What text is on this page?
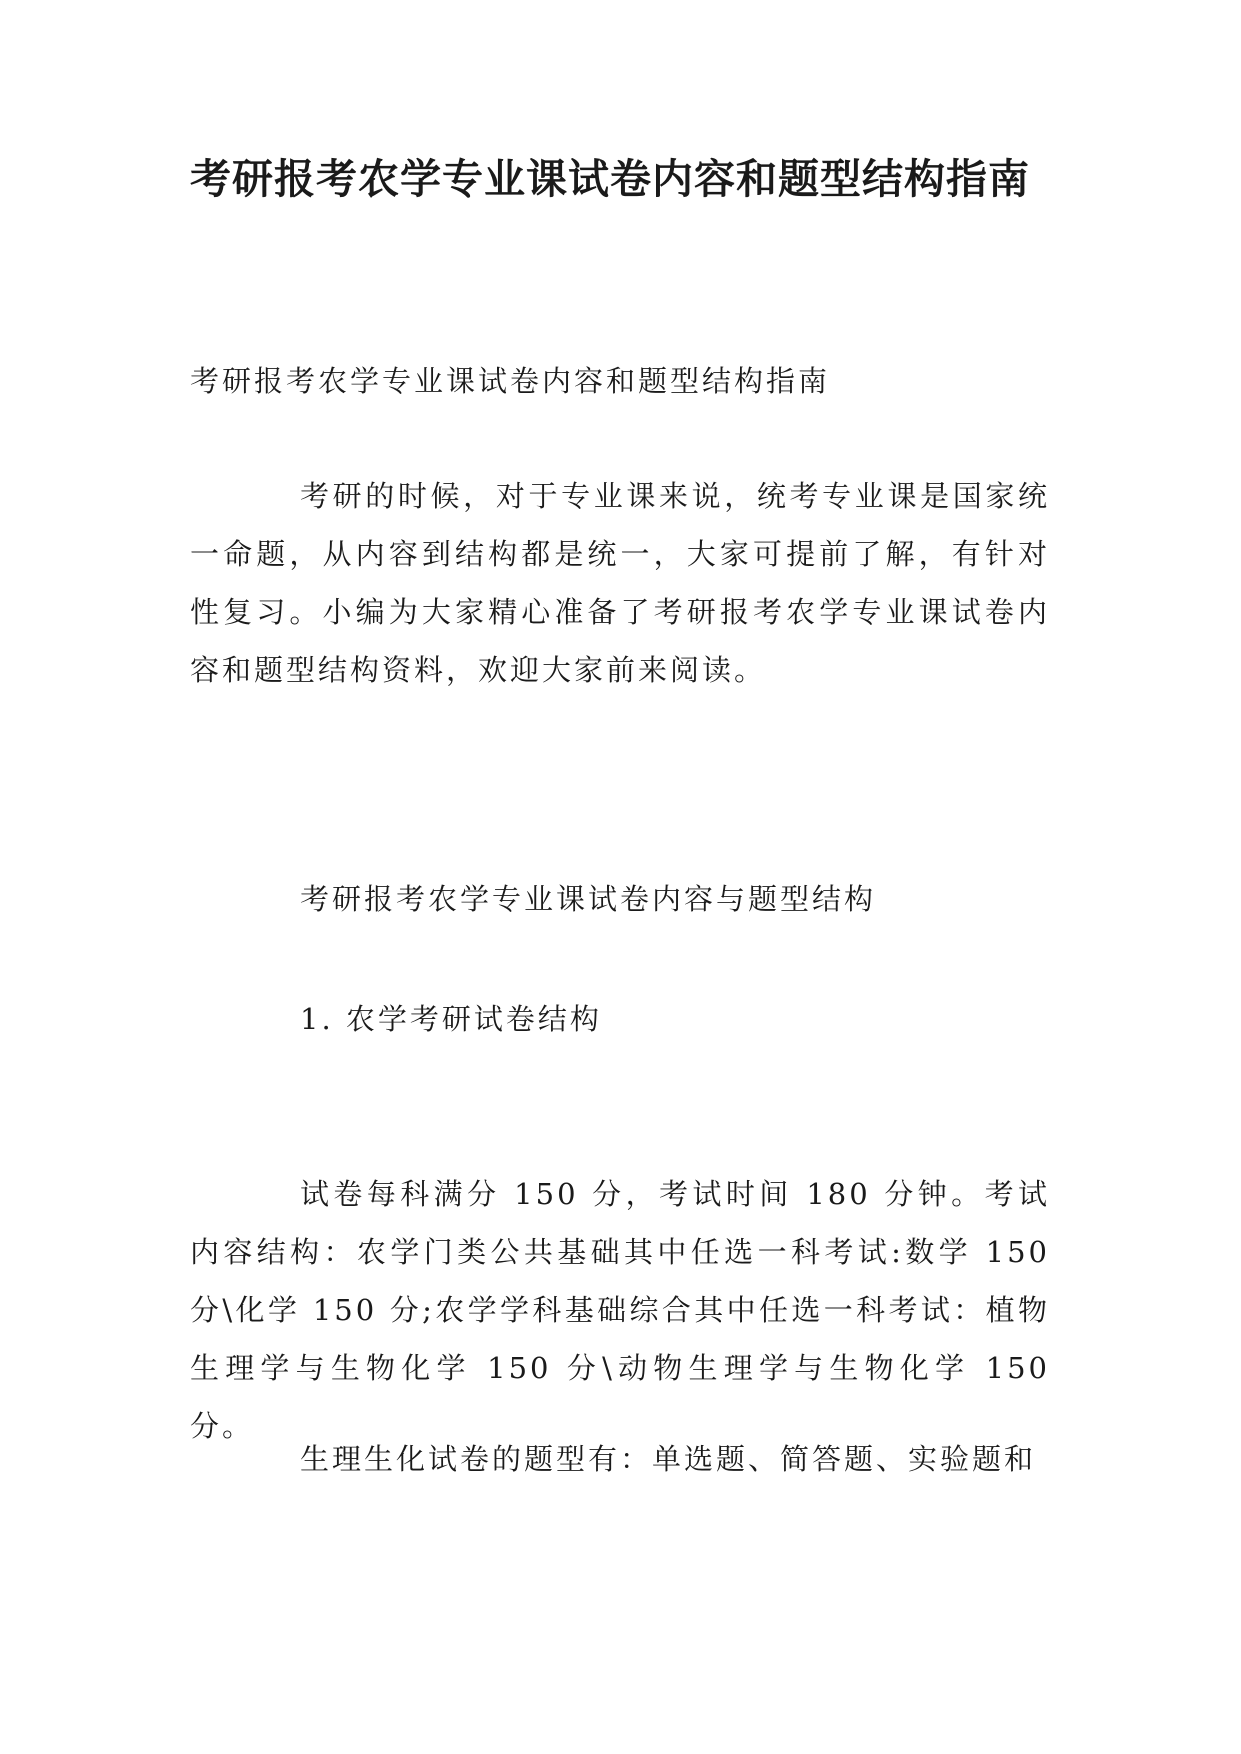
考研报考农学专业课试卷内容和题型结构指南

考研报考农学专业课试卷内容和题型结构指南

考研的时候，对于专业课来说，统考专业课是国家统一命题，从内容到结构都是统一，大家可提前了解，有针对性复习。小编为大家精心准备了考研报考农学专业课试卷内容和题型结构资料，欢迎大家前来阅读。

考研报考农学专业课试卷内容与题型结构

1. 农学考研试卷结构

试卷每科满分 150 分，考试时间 180 分钟。考试内容结构：农学门类公共基础其中任选一科考试:数学 150 分\化学 150 分;农学学科基础综合其中任选一科考试：植物生理学与生物化学 150 分\动物生理学与生物化学 150 分。

生理生化试卷的题型有：单选题、简答题、实验题和
